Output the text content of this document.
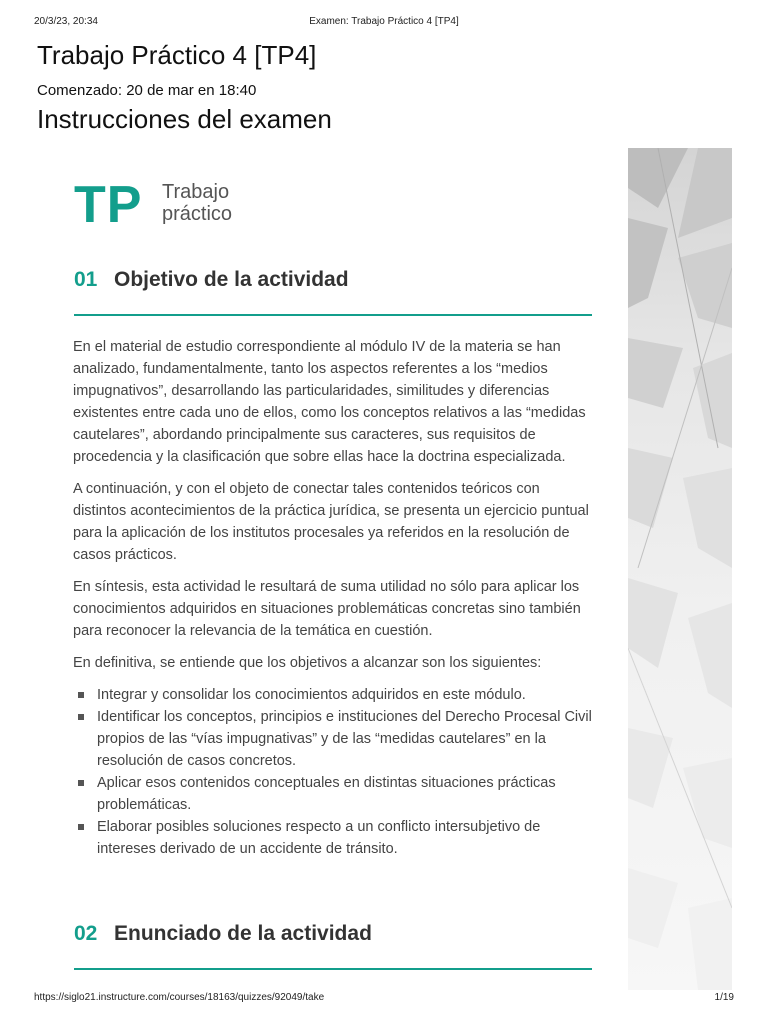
20/3/23, 20:34	Examen: Trabajo Práctico 4 [TP4]
Trabajo Práctico 4 [TP4]

Comenzado: 20 de mar en 18:40

Instrucciones del examen
TP Trabajo
práctico
01 Objetivo de la actividad

En el material de estudio correspondiente al módulo IV de la materia se han analizado, fundamentalmente, tanto los aspectos referentes a los “medios impugnativos”, desarrollando las particularidades, similitudes y diferencias existentes entre cada uno de ellos, como los conceptos relativos a las “medidas cautelares”, abordando principalmente sus caracteres, sus requisitos de procedencia y la clasificación que sobre ellas hace la doctrina especializada.

A continuación, y con el objeto de conectar tales contenidos teóricos con distintos acontecimientos de la práctica jurídica, se presenta un ejercicio puntual para la aplicación de los institutos procesales ya referidos en la resolución de casos prácticos.

En síntesis, esta actividad le resultará de suma utilidad no sólo para aplicar los conocimientos adquiridos en situaciones problemáticas concretas sino también para reconocer la relevancia de la temática en cuestión.

En definitiva, se entiende que los objetivos a alcanzar son los siguientes:

Integrar y consolidar los conocimientos adquiridos en este módulo.
Identificar los conceptos, principios e instituciones del Derecho Procesal Civil propios de las “vías impugnativas” y de las “medidas cautelares” en la resolución de casos concretos.
Aplicar esos contenidos conceptuales en distintas situaciones prácticas problemáticas.
Elaborar posibles soluciones respecto a un conflicto intersubjetivo de intereses derivado de un accidente de tránsito.
02 Enunciado de la actividad
https://siglo21.instructure.com/courses/18163/quizzes/92049/take	1/19
